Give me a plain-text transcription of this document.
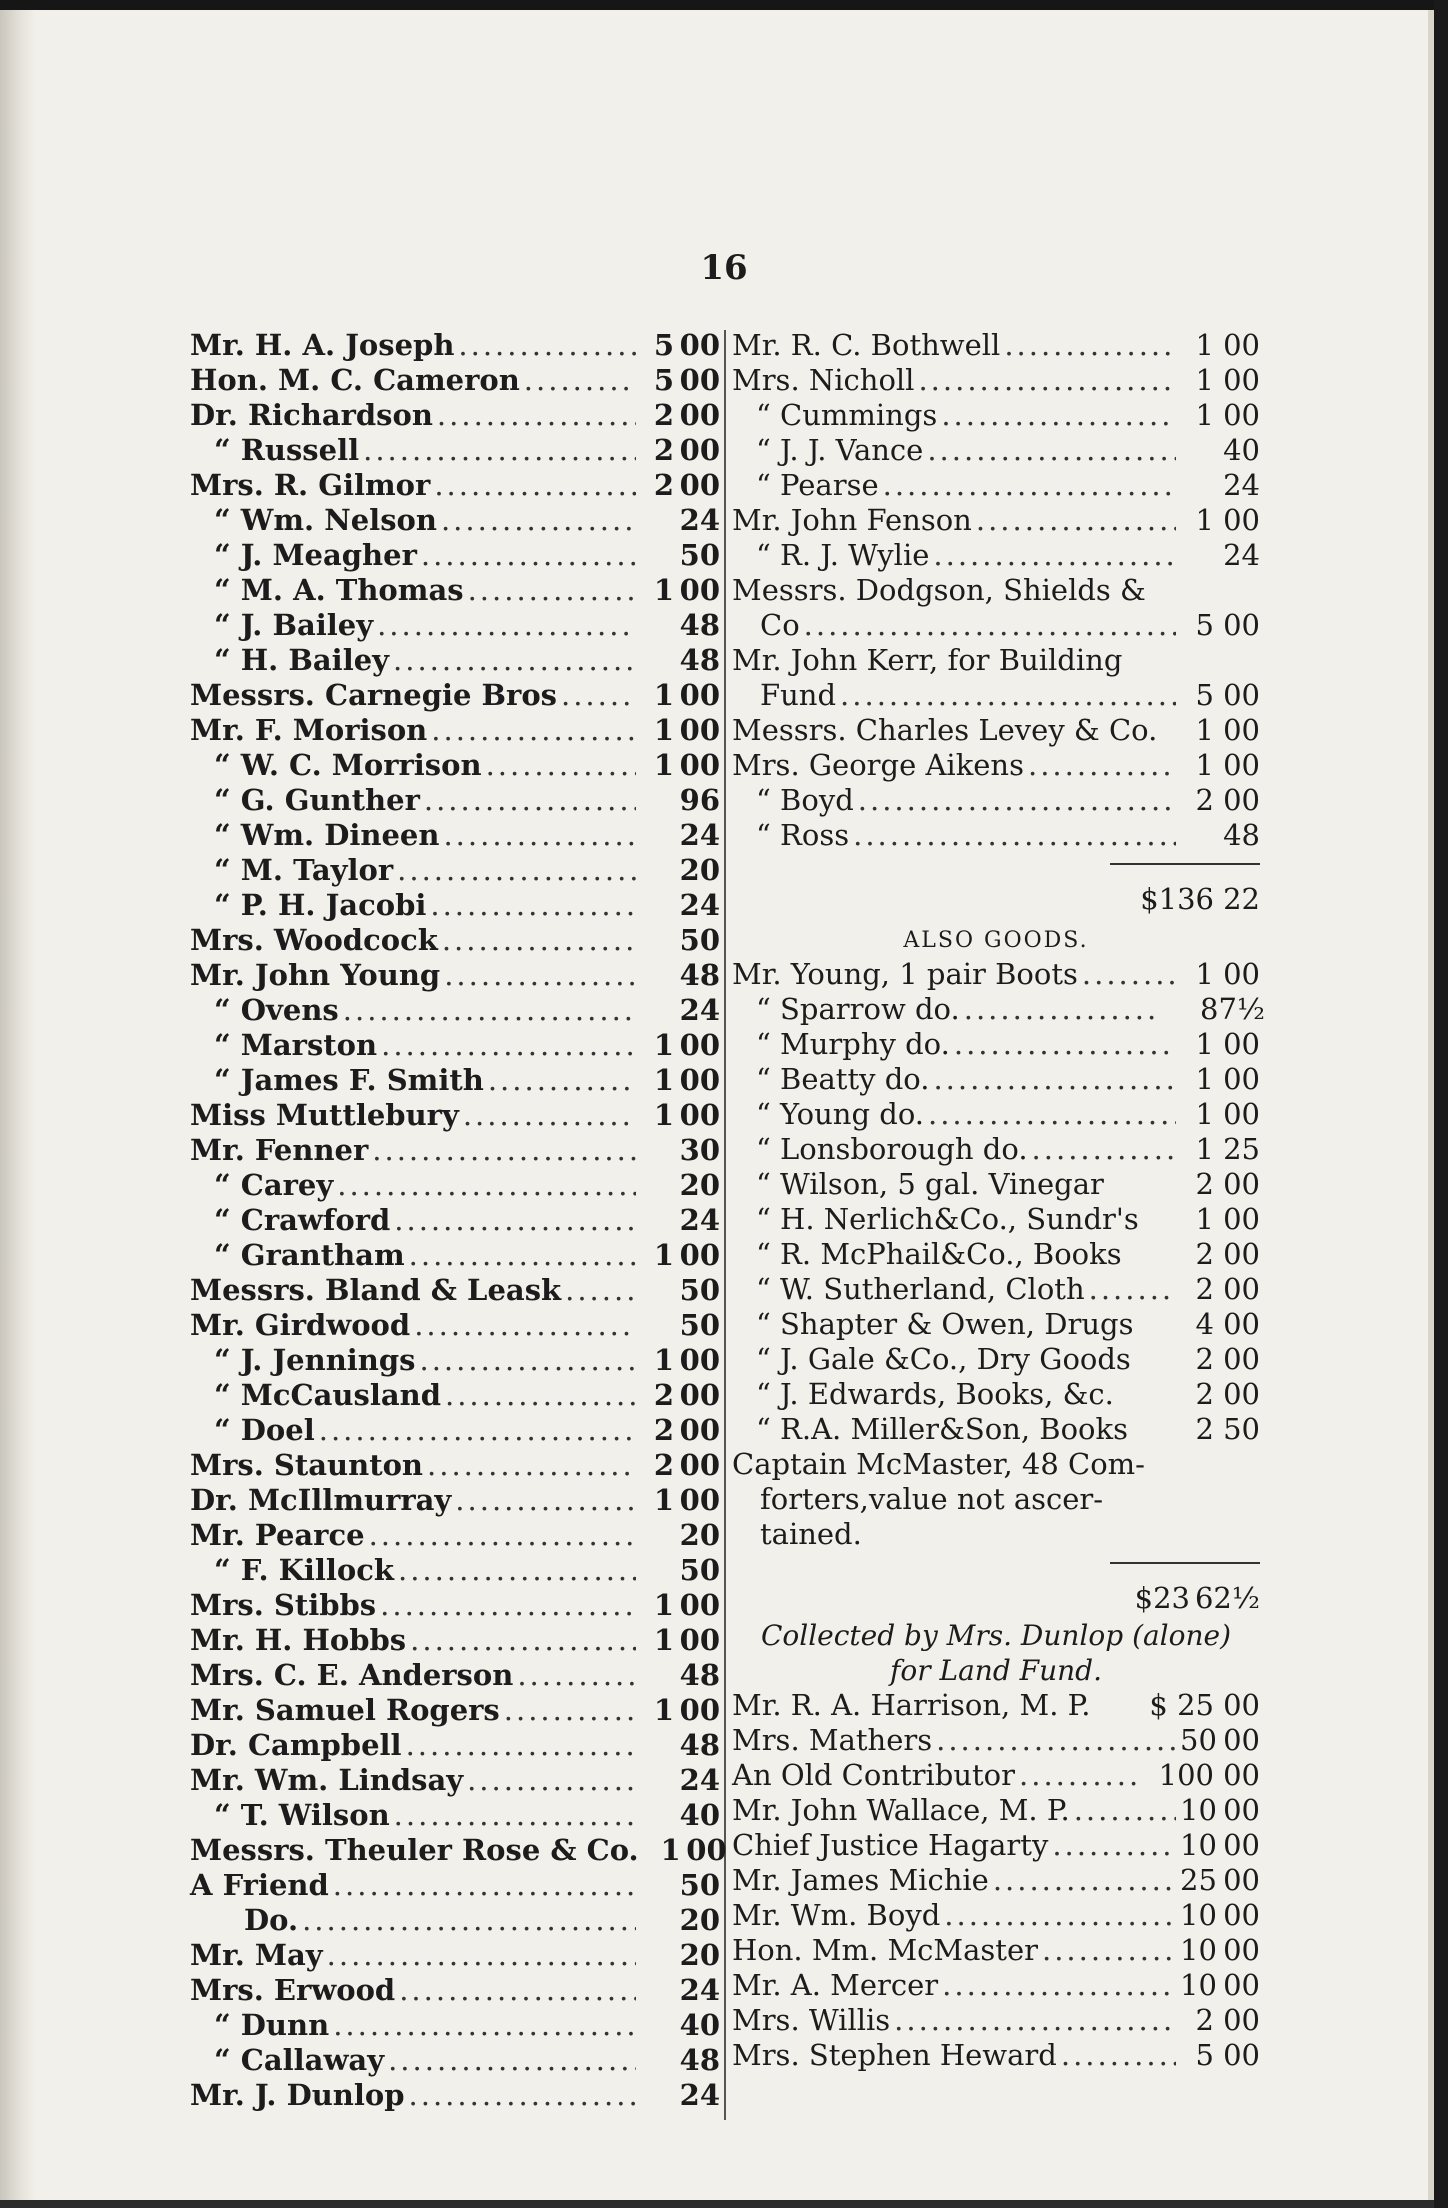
16
Mr. H. A. Joseph .....	5 00
Hon. M. C. Cameron .....	5 00
Dr. Richardson .....	2 00
“ Russell .....	2 00
Mrs. R. Gilmor .....	2 00
“ Wm. Nelson .....	24
“ J. Meagher .....	50
“ M. A. Thomas .....	1 00
“ J. Bailey .....	48
“ H. Bailey .....	48
Messrs. Carnegie Bros .....	1 00
Mr. F. Morison .....	1 00
“ W. C. Morrison .....	1 00
“ G. Gunther .....	96
“ Wm. Dineen .....	24
“ M. Taylor .....	20
“ P. H. Jacobi .....	24
Mrs. Woodcock .....	50
Mr. John Young .....	48
“ Ovens .....	24
“ Marston .....	1 00
“ James F. Smith .....	1 00
Miss Muttlebury .....	1 00
Mr. Fenner .....	30
“ Carey .....	20
“ Crawford .....	24
“ Grantham .....	1 00
Messrs. Bland & Leask .....	50
Mr. Girdwood .....	50
“ J. Jennings .....	1 00
“ McCausland .....	2 00
“ Doel .....	2 00
Mrs. Staunton .....	2 00
Dr. McIllmurray .....	1 00
Mr. Pearce .....	20
“ F. Killock .....	50
Mrs. Stibbs .....	1 00
Mr. H. Hobbs .....	1 00
Mrs. C. E. Anderson .....	48
Mr. Samuel Rogers .....	1 00
Dr. Campbell .....	48
Mr. Wm. Lindsay .....	24
“ T. Wilson .....	40
Messrs. Theuler Rose & Co. 1 00
A Friend .....	50
Do. .....	20
Mr. May .....	20
Mrs. Erwood .....	24
“ Dunn .....	40
“ Callaway .....	48
Mr. J. Dunlop .....	24
Mr. R. C. Bothwell .....	1 00
Mrs. Nicholl .....	1 00
“ Cummings .....	1 00
“ J. J. Vance .....	40
“ Pearse .....	24
Mr. John Fenson .....	1 00
“ R. J. Wylie .....	24
Messrs. Dodgson, Shields &
Co .....	5 00
Mr. John Kerr, for Building
Fund .....	5 00
Messrs. Charles Levey & Co.	1 00
Mrs. George Aikens .....	1 00
“ Boyd .....	2 00
“ Ross .....	48
$136 22
ALSO GOODS.
Mr. Young, 1 pair Boots .....	1 00
“ Sparrow do. .....	87½
“ Murphy do. .....	1 00
“ Beatty do. .....	1 00
“ Young do. .....	1 00
“ Lonsborough do. .....	1 25
“ Wilson, 5 gal. Vinegar	2 00
“ H. Nerlich&Co., Sundr's	1 00
“ R. McPhail&Co., Books	2 00
“ W. Sutherland, Cloth .....	2 00
“ Shapter & Owen, Drugs	4 00
“ J. Gale &Co., Dry Goods	2 00
“ J. Edwards, Books, &c.	2 00
“ R.A. Miller&Son, Books	2 50
Captain McMaster, 48 Com-
forters,value not ascer-
tained.
$23 62½
Collected by Mrs. Dunlop (alone)
for Land Fund.
Mr. R. A. Harrison, M. P. $ 25 00
Mrs. Mathers .....	50 00
An Old Contributor .....	100 00
Mr. John Wallace, M. P. .....	10 00
Chief Justice Hagarty .....	10 00
Mr. James Michie .....	25 00
Mr. Wm. Boyd .....	10 00
Hon. Mm. McMaster .....	10 00
Mr. A. Mercer .....	10 00
Mrs. Willis .....	2 00
Mrs. Stephen Heward .....	5 00
